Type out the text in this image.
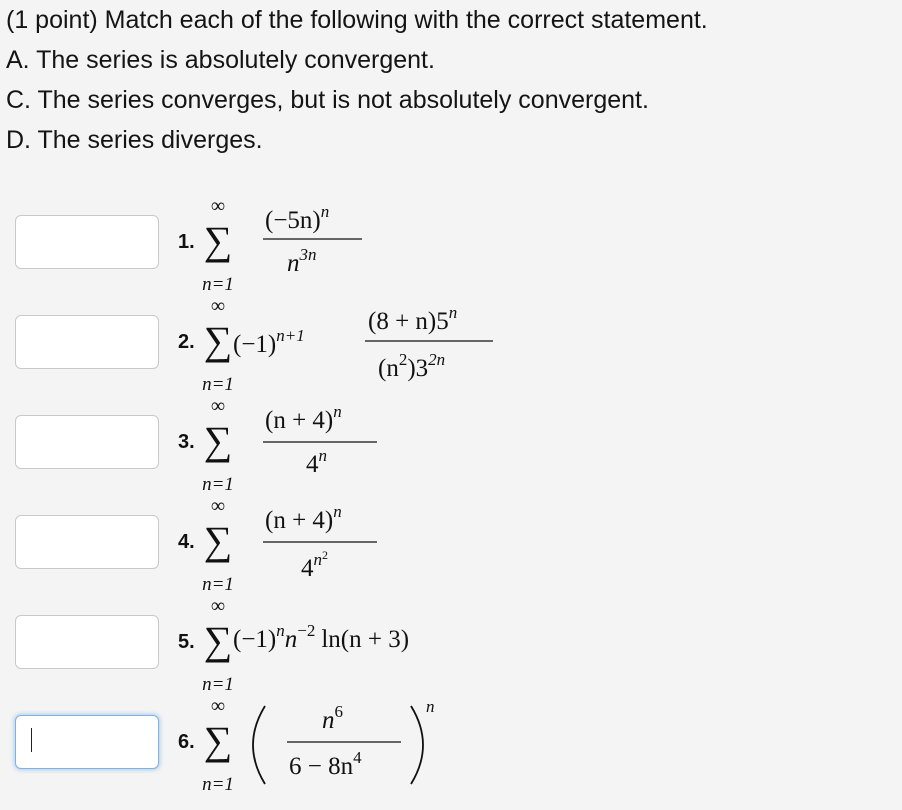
(1 point) Match each of the following with the correct statement.
A. The series is absolutely convergent.
C. The series converges, but is not absolutely convergent.
D. The series diverges.
1.
∞
∑
n=1
$(-5n)^n$
$n^{3n}$
2.
∞
∑
n=1
$(-1)^{n+1}$
$(8 + n)5^n$
$(n^2)3^{2n}$
3.
∞
∑
n=1
$(n + 4)^n$
4$^n$
4.
∞
∑
n=1
$(n + 4)^n$
$4^{n2}$
5.
∞
∑
n=1
$(-1)^nn^{-2}$ ln(n + 3)
6.
∞
∑
n=1
$n^6$
$6 - 8n^4$
n
